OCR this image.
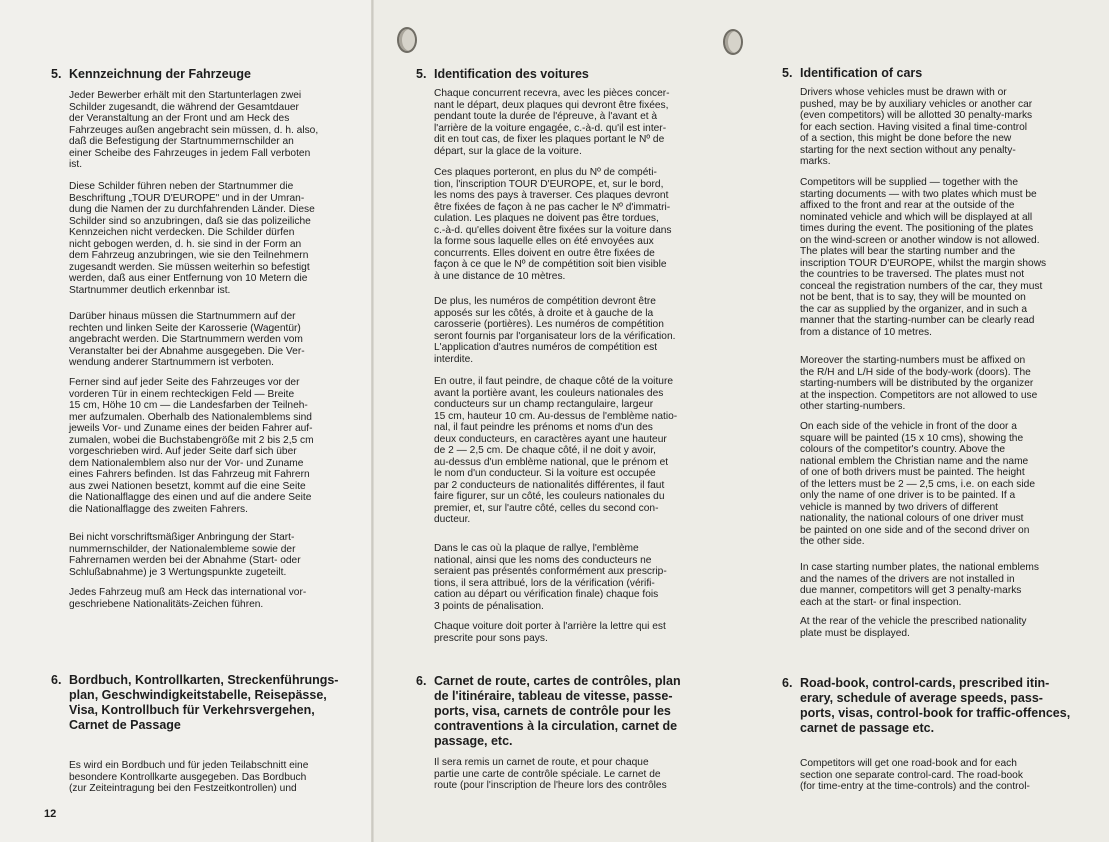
5. Kennzeichnung der Fahrzeuge

Jeder Bewerber erhält mit den Startunterlagen zwei
Schilder zugesandt, die während der Gesamtdauer
der Veranstaltung an der Front und am Heck des
Fahrzeuges außen angebracht sein müssen, d. h. also,
daß die Befestigung der Startnummernschilder an
einer Scheibe des Fahrzeuges in jedem Fall verboten
ist.

Diese Schilder führen neben der Startnummer die
Beschriftung „TOUR D'EUROPE" und in der Umran-
dung die Namen der zu durchfahrenden Länder. Diese
Schilder sind so anzubringen, daß sie das polizeiliche
Kennzeichen nicht verdecken. Die Schilder dürfen
nicht gebogen werden, d. h. sie sind in der Form an
dem Fahrzeug anzubringen, wie sie den Teilnehmern
zugesandt werden. Sie müssen weiterhin so befestigt
werden, daß aus einer Entfernung von 10 Metern die
Startnummer deutlich erkennbar ist.

Darüber hinaus müssen die Startnummern auf der
rechten und linken Seite der Karosserie (Wagentür)
angebracht werden. Die Startnummern werden vom
Veranstalter bei der Abnahme ausgegeben. Die Ver-
wendung anderer Startnummern ist verboten.

Ferner sind auf jeder Seite des Fahrzeuges vor der
vorderen Tür in einem rechteckigen Feld — Breite
15 cm, Höhe 10 cm — die Landesfarben der Teilneh-
mer aufzumalen. Oberhalb des Nationalemblems sind
jeweils Vor- und Zuname eines der beiden Fahrer auf-
zumalen, wobei die Buchstabengröße mit 2 bis 2,5 cm
vorgeschrieben wird. Auf jeder Seite darf sich über
dem Nationalemblem also nur der Vor- und Zuname
eines Fahrers befinden. Ist das Fahrzeug mit Fahrern
aus zwei Nationen besetzt, kommt auf die eine Seite
die Nationalflagge des einen und auf die andere Seite
die Nationalflagge des zweiten Fahrers.

Bei nicht vorschriftsmäßiger Anbringung der Start-
nummernschilder, der Nationalembleme sowie der
Fahrernamen werden bei der Abnahme (Start- oder
Schlußabnahme) je 3 Wertungspunkte zugeteilt.

Jedes Fahrzeug muß am Heck das international vor-
geschriebene Nationalitäts-Zeichen führen.

6. Bordbuch, Kontrollkarten, Streckenführungs-
plan, Geschwindigkeitstabelle, Reisepässe,
Visa, Kontrollbuch für Verkehrsvergehen,
Carnet de Passage

Es wird ein Bordbuch und für jeden Teilabschnitt eine
besondere Kontrollkarte ausgegeben. Das Bordbuch
(zur Zeiteintragung bei den Festzeitkontrollen) und

12
5. Identification des voitures

Chaque concurrent recevra, avec les pièces concer-
nant le départ, deux plaques qui devront être fixées,
pendant toute la durée de l'épreuve, à l'avant et à
l'arrière de la voiture engagée, c.-à-d. qu'il est inter-
dit en tout cas, de fixer les plaques portant le Nº de
départ, sur la glace de la voiture.

Ces plaques porteront, en plus du Nº de compéti-
tion, l'inscription TOUR D'EUROPE, et, sur le bord,
les noms des pays à traverser. Ces plaques devront
être fixées de façon à ne pas cacher le Nº d'immatri-
culation. Les plaques ne doivent pas être tordues,
c.-à-d. qu'elles doivent être fixées sur la voiture dans
la forme sous laquelle elles on été envoyées aux
concurrents. Elles doivent en outre être fixées de
façon à ce que le Nº de compétition soit bien visible
à une distance de 10 mètres.

De plus, les numéros de compétition devront être
apposés sur les côtés, à droite et à gauche de la
carosserie (portières). Les numéros de compétition
seront fournis par l'organisateur lors de la vérification.
L'application d'autres numéros de compétition est
interdite.

En outre, il faut peindre, de chaque côté de la voiture
avant la portière avant, les couleurs nationales des
conducteurs sur un champ rectangulaire, largeur
15 cm, hauteur 10 cm. Au-dessus de l'emblème natio-
nal, il faut peindre les prénoms et noms d'un des
deux conducteurs, en caractères ayant une hauteur
de 2 — 2,5 cm. De chaque côté, il ne doit y avoir,
au-dessus d'un emblème national, que le prénom et
le nom d'un conducteur. Si la voiture est occupée
par 2 conducteurs de nationalités différentes, il faut
faire figurer, sur un côté, les couleurs nationales du
premier, et, sur l'autre côté, celles du second con-
ducteur.

Dans le cas où la plaque de rallye, l'emblème
national, ainsi que les noms des conducteurs ne
seraient pas présentés conformément aux prescrip-
tions, il sera attribué, lors de la vérification (vérifi-
cation au départ ou vérification finale) chaque fois
3 points de pénalisation.

Chaque voiture doit porter à l'arrière la lettre qui est
prescrite pour sons pays.

6. Carnet de route, cartes de contrôles, plan
de l'itinéraire, tableau de vitesse, passe-
ports, visa, carnets de contrôle pour les
contraventions à la circulation, carnet de
passage, etc.

Il sera remis un carnet de route, et pour chaque
partie une carte de contrôle spéciale. Le carnet de
route (pour l'inscription de l'heure lors des contrôles

5. Identification of cars

Drivers whose vehicles must be drawn with or
pushed, may be by auxiliary vehicles or another car
(even competitors) will be allotted 30 penalty-marks
for each section. Having visited a final time-control
of a section, this might be done before the new
starting for the next section without any penalty-
marks.

Competitors will be supplied — together with the
starting documents — with two plates which must be
affixed to the front and rear at the outside of the
nominated vehicle and which will be displayed at all
times during the event. The positioning of the plates
on the wind-screen or another window is not allowed.
The plates will bear the starting number and the
inscription TOUR D'EUROPE, whilst the margin shows
the countries to be traversed. The plates must not
conceal the registration numbers of the car, they must
not be bent, that is to say, they will be mounted on
the car as supplied by the organizer, and in such a
manner that the starting-number can be clearly read
from a distance of 10 metres.

Moreover the starting-numbers must be affixed on
the R/H and L/H side of the body-work (doors). The
starting-numbers will be distributed by the organizer
at the inspection. Competitors are not allowed to use
other starting-numbers.

On each side of the vehicle in front of the door a
square will be painted (15 x 10 cms), showing the
colours of the competitor's country. Above the
national emblem the Christian name and the name
of one of both drivers must be painted. The height
of the letters must be 2 — 2,5 cms, i.e. on each side
only the name of one driver is to be painted. If a
vehicle is manned by two drivers of different
nationality, the national colours of one driver must
be painted on one side and of the second driver on
the other side.

In case starting number plates, the national emblems
and the names of the drivers are not installed in
due manner, competitors will get 3 penalty-marks
each at the start- or final inspection.

At the rear of the vehicle the prescribed nationality
plate must be displayed.

6. Road-book, control-cards, prescribed itin-
erary, schedule of average speeds, pass-
ports, visas, control-book for traffic-offences,
carnet de passage etc.

Competitors will get one road-book and for each
section one separate control-card. The road-book
(for time-entry at the time-controls) and the control-
